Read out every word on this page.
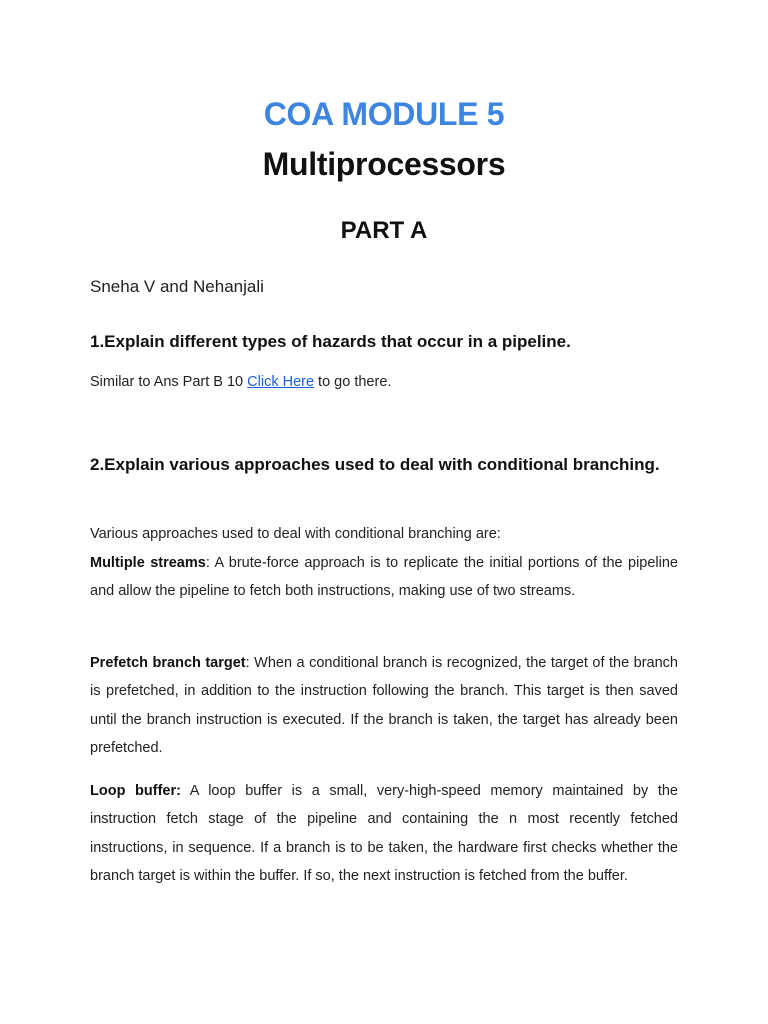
COA MODULE 5
Multiprocessors
PART A
Sneha V and Nehanjali
1.Explain different types of hazards that occur in a pipeline.
Similar to Ans Part B 10 Click Here to go there.
2.Explain various approaches used to deal with conditional branching.
Various approaches used to deal with conditional branching are:
Multiple streams: A brute-force approach is to replicate the initial portions of the pipeline and allow the pipeline to fetch both instructions, making use of two streams.
Prefetch branch target: When a conditional branch is recognized, the target of the branch is prefetched, in addition to the instruction following the branch. This target is then saved until the branch instruction is executed. If the branch is taken, the target has already been prefetched.
Loop buffer: A loop buffer is a small, very-high-speed memory maintained by the instruction fetch stage of the pipeline and containing the n most recently fetched instructions, in sequence. If a branch is to be taken, the hardware first checks whether the branch target is within the buffer. If so, the next instruction is fetched from the buffer.
